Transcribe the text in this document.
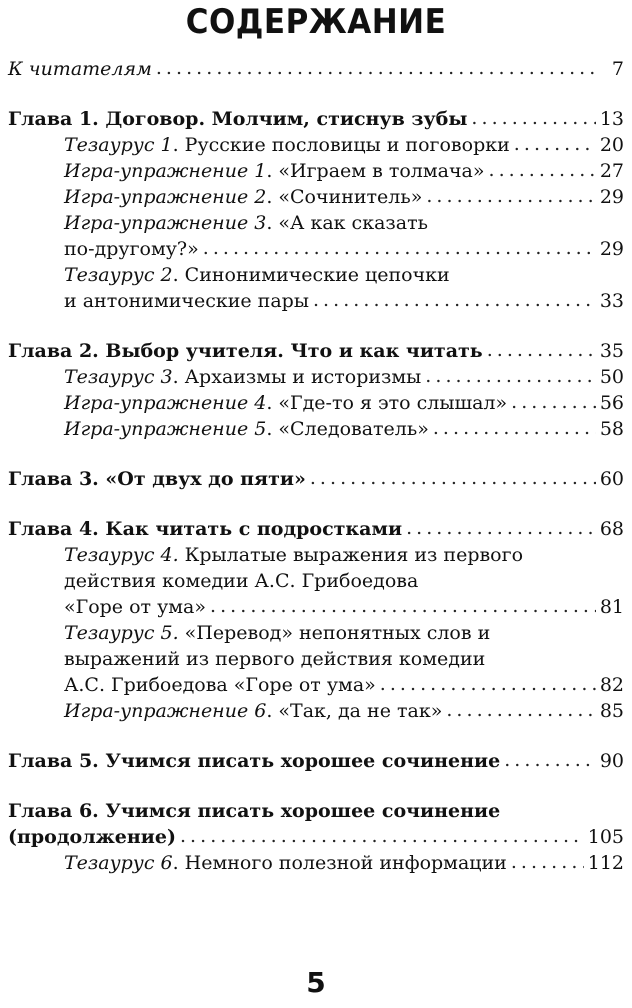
СОДЕРЖАНИЕ
К читателям . . .	7
Глава 1. Договор. Молчим, стиснув зубы . . .	13
Тезаурус 1. Русские пословицы и поговорки . . .	20
Игра-упражнение 1. «Играем в толмача» . . .	27
Игра-упражнение 2. «Сочинитель» . . .	29
Игра-упражнение 3. «А как сказать
по-другому?» . . .	29
Тезаурус 2. Синонимические цепочки
и антонимические пары . . .	33
Глава 2. Выбор учителя. Что и как читать . . .	35
Тезаурус 3. Архаизмы и историзмы . . .	50
Игра-упражнение 4. «Где-то я это слышал» . . .	56
Игра-упражнение 5. «Следователь» . . .	58
Глава 3. «От двух до пяти» . . .	60
Глава 4. Как читать с подростками . . .	68
Тезаурус 4. Крылатые выражения из первого
действия комедии А.С. Грибоедова
«Горе от ума» . . .	81
Тезаурус 5. «Перевод» непонятных слов и
выражений из первого действия комедии
А.С. Грибоедова «Горе от ума» . . .	82
Игра-упражнение 6. «Так, да не так» . . .	85
Глава 5. Учимся писать хорошее сочинение . . .	90
Глава 6. Учимся писать хорошее сочинение
(продолжение) . . .	105
Тезаурус 6. Немного полезной информации . . .	112
5
